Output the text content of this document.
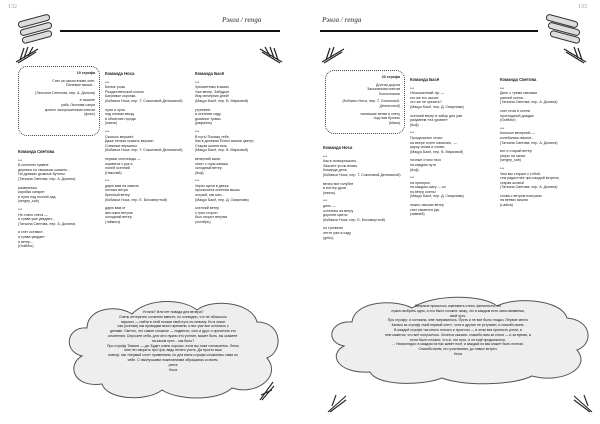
132
Рэнга / renga
19 строфа
Снег за окном вновь снег.
Палевые мыши...
(Татьяна Светова, пер. А. Долина)
в тишине
рябь Леонова озера
кропит запорошенным снегом
(фокс)
Команда Носа
***
Белые розы
Рождественской ночью
Багряные коронки.
(Кобаяси Носа, пер. Т. Соколовой-Делюсиной)
луна и луна
под огнями звезд
в объятиях города
(наиль)
***
Сколько вершин!
Даже нельзя сказать вершин
Снежные вершины.
(Кобаяси Носа, пер. Т. Соколовой-Делюсиной)
первые снегопады —
кормятся с рук я
полей осенний
(Николай)
***
дарю вам на память
ночные ветра
бренный ветер
(Кобаяси Носа, пер. Е. Бессмертной)
дарю вам от
жестоких ветров
холодный ветер
(тайкиоз)
Команда Басё
***
Хризантемы в вазах.
Уже вечер. Забудьте
Жар вечерних дней!
(Мацуо Басё, пер. В. Марковой)
утренние
в осеннем саду
дыхание травы
(рафаэль)
***
В путь! Покажу тебе,
Как в далеком Ёсино вишни цветут,
Старая шляпа моя.
(Мацуо Басё, пер. В. Марковой)
вечерний закат
гонит с горы камыш
холодный ветер
(ikuji)
***
Через щели в дверь
проскочила осенняя мышь
острый, как меч...
(Мацуо Басё, пер. Д. Смирнова)
осенний ветер
с трех сторон
был открыт ветрам
(октябрь)
Команда Светова
***
В осеннем тумане
деревья ты сможешь сказать...
На древках дымные бутоны.
(Татьяна Светова, пер. А. Долина)
развеялись
коробки сигарет
и луна под ночной сад
(sergey_sub)
***
Не стало снега —
а трава уже увядает...
(Татьяна Светова, пер. А. Долина)
и снег оставил
и трава увядает
и ветер...
(GrafMur)
Устали? Или нет повода для вечера?
Очень интересно сочинять вместе, но очевидно, что не обошлось
нарочно — найти в этой поэзии свой путь по-новому. Но в сезон
чая (осенью) мы проводим много времени, и вот уже все остались с
делами. Светло, что самое сложное — подвести, хоть и друг, и прочитать его
сочинения. Спросите себя, для чего нужно это учение, может быть, вы скажете:
на каком пути... как быть?
Про строфу Томони — да. Будет очень хорошо, если вы тоже согласитесь. Легко
мне не говорить про Цзи, ведь нечего учить. Да просто ваш
повтор, мы «первый слог» применяем, но для меня строфа сложилась сама по
себе. С наилучшими пожеланиями обращаюсь ко всем.
рэнга
Носа
133
Рэнга / renga
20 строфа
Долгая дорога
Засыпанная снегом
Колокольчик
(Кобаяси Носа, пер. Т. Соколовой-Делюсиной)
поникшие ветви в снегу
под ним бутоны
(Masa)
Команда Басё
***
Нескошенный луг —
кто же его скосит,
что же не срезать?
(Мацуо Басё, пер. Д. Смирнова)
осенний вечер в забор для уже
разумеем «на уровне»
(ikuji)
***
Прощальные стихи
на веере хотел написать, —
кружу снова и снова.
(Мацуо Басё, пер. В. Марковой)
ночные стихи тихо
на каждом пути
(ikuji)
***
на пригорке,
на каждом шагу — ох
по ветру осень!
(Мацуо Басё, пер. Д. Смирнова)
нежно ласкаю ветер
снег касается рук.
(зимний)
Команда Светова
***
День с тремя свечами
ранней осени...
(Татьяна Светова, пер. А. Долина)
снег стою в осени
прохладный дождик
(GrafMur)
***
Колокол вечерний —
колебались вишни...
(Татьяна Светова, пер. А. Долина)
вот и старый ветер
узоры на окнах
(sergey_sub)
***
Чем мы старше с тобой,
тем радостнее при каждой встрече,
старая шляпа!
(Татьяна Светова, пер. А. Долина)
снова с ветром поиграли
на ветвях вишни
(Ladiva)
Команда Носа
***
Как в скоморошьем,
Зажгите уголь вновь.
Команда день.
(Кобаяси Носа, пер. Т. Соколовой-Делюсиной)
вечер все голубее
в костер дров
(наиль)
***
день —
остались на ветру
дорогие цветы
(Кобаяси Носа, пер. Е. Бессмертной)
по тропинке
летят уже в саду
(gribo)
Впервые пришлось оценивать стихи, финалисты, но
нужно выбрать одно, и это было сложно: вижу, что в каждом есть своя изюминка,
свой путь.
Про строфу: я согласна, мне понравилось. Пусть и не все было гладко. Первое место
Канэко за строфу «мой первый снег», хотя и другие не уступают, и спасибо всем.
В каждой строфе так много тонкого и простого — в этом вся прелесть рэнги, и
мне кажется, что всё получилось. Хочется сказать: спасибо вам за стихи — и за время, а
если было сложно, что ж, это путь, и он ещё продолжится.
... Напоследок: в каждом из нас живет поэт, и каждый из вас может быть поэтом.
Спасибо всем, кто участвовал, до новых встреч.
Носа
